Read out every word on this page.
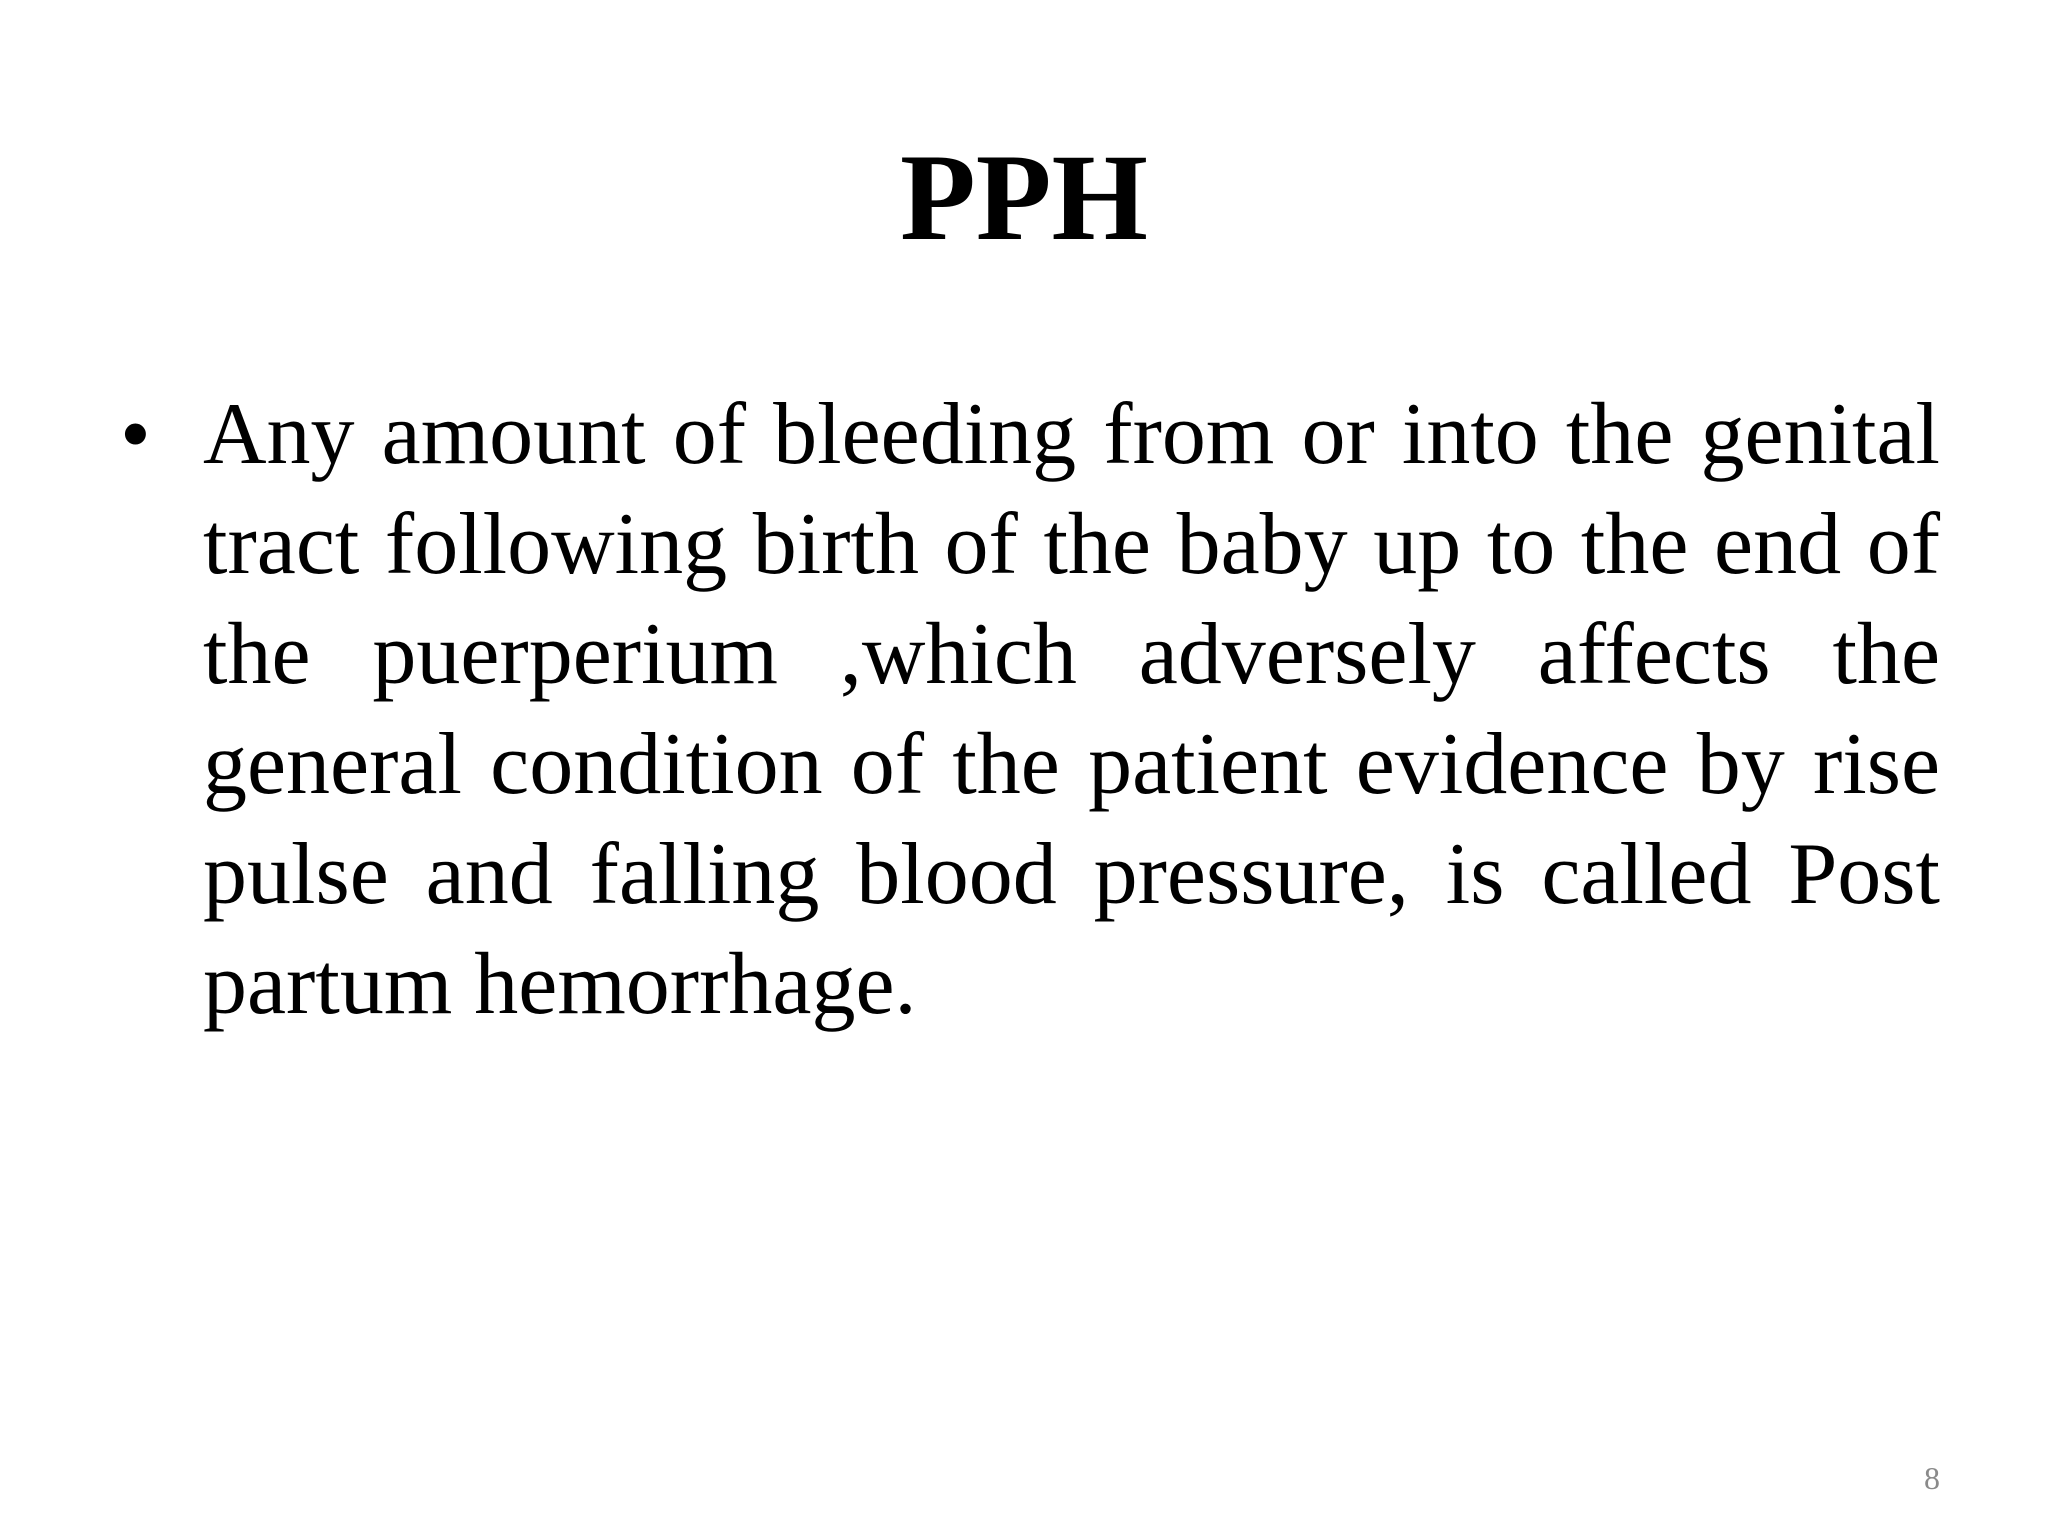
PPH
• Any amount of bleeding from or into the genital tract following birth of the baby up to the end of the puerperium ,which adversely affects the general condition of the patient evidence by rise pulse and falling blood pressure, is called Post partum hemorrhage.
8
